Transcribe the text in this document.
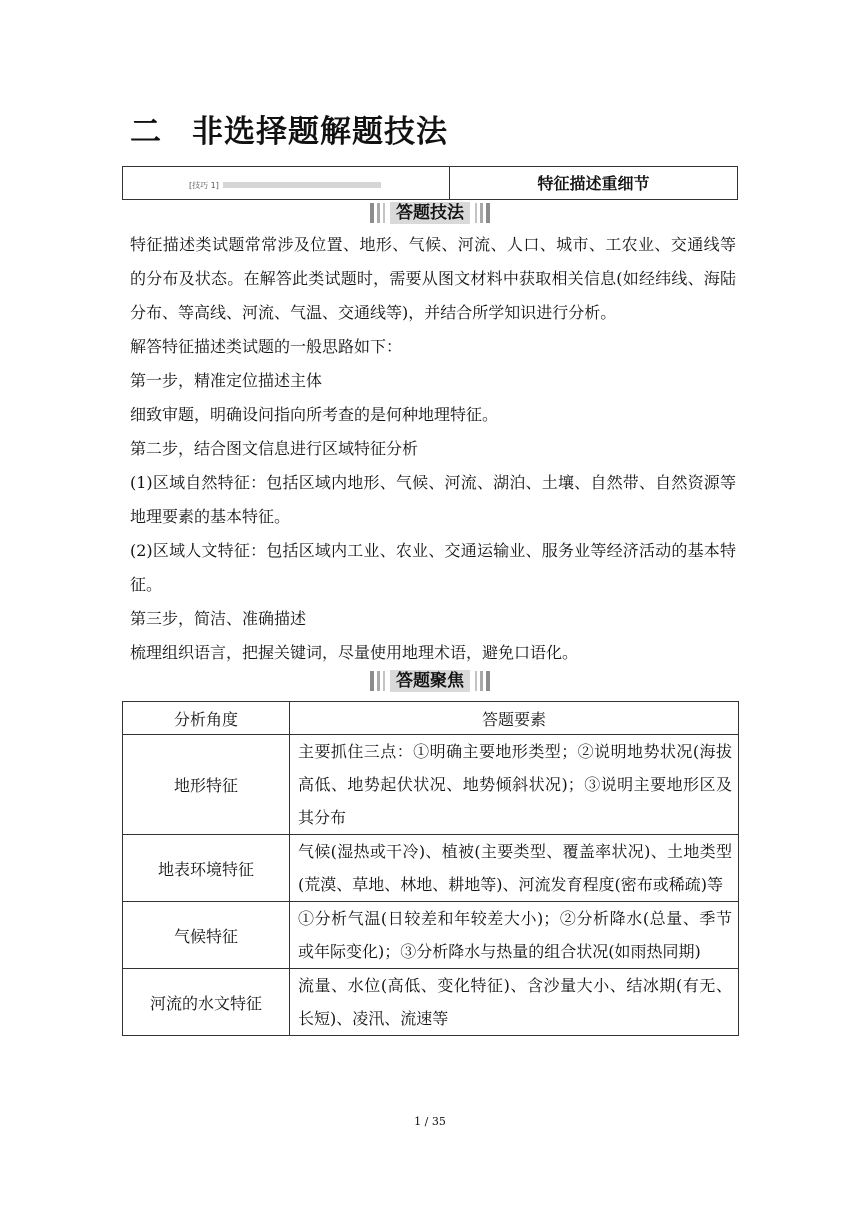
二 非选择题解题技法
[技巧 1]	特征描述重细节
答题技法

特征描述类试题常常涉及位置、地形、气候、河流、人口、城市、工农业、交通线等的分布及状态。在解答此类试题时，需要从图文材料中获取相关信息(如经纬线、海陆分布、等高线、河流、气温、交通线等)，并结合所学知识进行分析。

解答特征描述类试题的一般思路如下：

第一步，精准定位描述主体

细致审题，明确设问指向所考查的是何种地理特征。

第二步，结合图文信息进行区域特征分析

(1)区域自然特征：包括区域内地形、气候、河流、湖泊、土壤、自然带、自然资源等地理要素的基本特征。

(2)区域人文特征：包括区域内工业、农业、交通运输业、服务业等经济活动的基本特征。

第三步，简洁、准确描述

梳理组织语言，把握关键词，尽量使用地理术语，避免口语化。

答题聚焦
分析角度	答题要素
地形特征	主要抓住三点：①明确主要地形类型；②说明地势状况(海拔高低、地势起伏状况、地势倾斜状况)；③说明主要地形区及其分布
地表环境特征	气候(湿热或干冷)、植被(主要类型、覆盖率状况)、土地类型(荒漠、草地、林地、耕地等)、河流发育程度(密布或稀疏)等
气候特征	①分析气温(日较差和年较差大小)；②分析降水(总量、季节或年际变化)；③分析降水与热量的组合状况(如雨热同期)
河流的水文特征	流量、水位(高低、变化特征)、含沙量大小、结冰期(有无、长短)、凌汛、流速等
1 / 35
